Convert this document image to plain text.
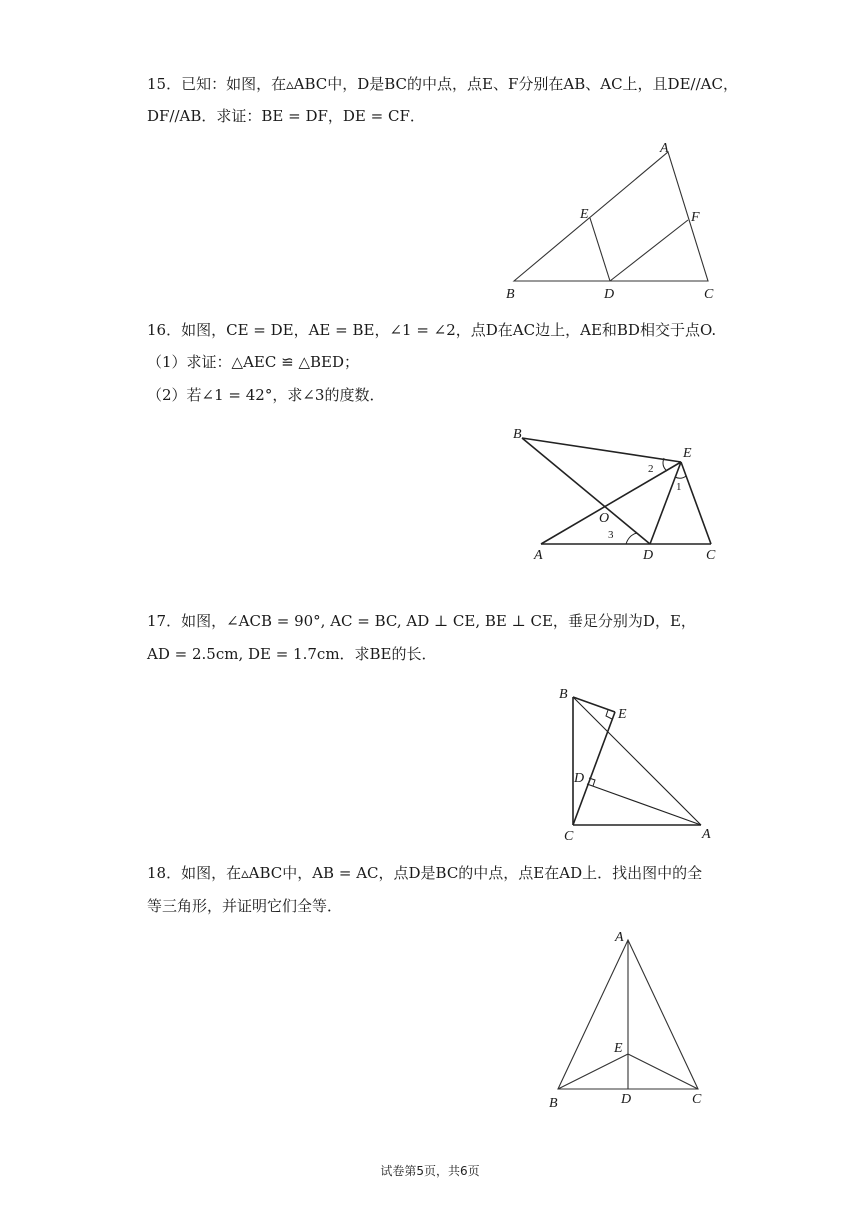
15．已知：如图，在▵ABC中，D是BC的中点，点E、F分别在AB、AC上，且DE//AC，
DF//AB．求证：BE = DF，DE = CF．
A
E	F
B	D	C
16．如图，CE = DE，AE = BE，∠1 = ∠2，点D在AC边上，AE和BD相交于点O.
（1）求证：△AEC ≌ △BED；
（2）若∠1 = 42°，求∠3的度数．
B
E
2
1
O
3
A	D	C
17．如图，∠ACB = 90°, AC = BC, AD ⊥ CE, BE ⊥ CE，垂足分别为D，E，
AD = 2.5cm, DE = 1.7cm．求BE的长．
B
E
D
C	A
18．如图，在▵ABC中，AB = AC，点D是BC的中点，点E在AD上．找出图中的全
等三角形，并证明它们全等．
A
E
B	D	C
试卷第5页，共6页
